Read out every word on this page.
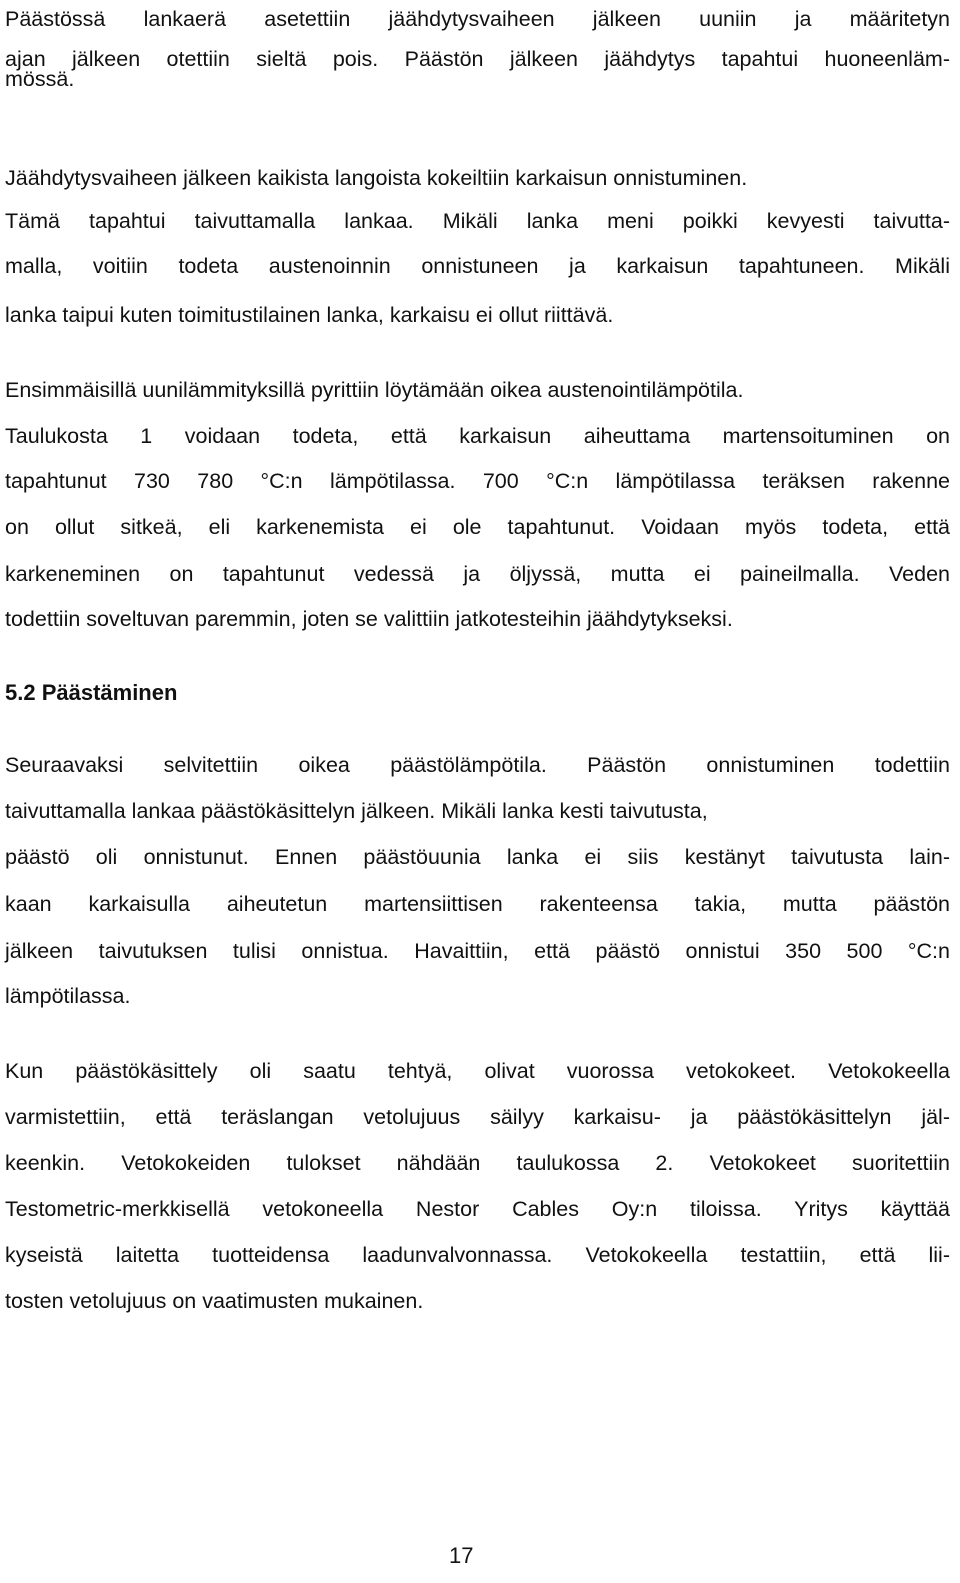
Päästössä lankaerä asetettiin jäähdytysvaiheen jälkeen uuniin ja määritetyn
ajan jälkeen otettiin sieltä pois. Päästön jälkeen jäähdytys tapahtui huoneenläm-
mössä.
Jäähdytysvaiheen jälkeen kaikista langoista kokeiltiin karkaisun onnistuminen.
Tämä tapahtui taivuttamalla lankaa. Mikäli lanka meni poikki kevyesti taivutta-
malla, voitiin todeta austenoinnin onnistuneen ja karkaisun tapahtuneen. Mikäli
lanka taipui kuten toimitustilainen lanka, karkaisu ei ollut riittävä.
Ensimmäisillä uunilämmityksillä pyrittiin löytämään oikea austenointilämpötila.
Taulukosta 1 voidaan todeta, että karkaisun aiheuttama martensoituminen on
tapahtunut 730 780 °C:n lämpötilassa. 700 °C:n lämpötilassa teräksen rakenne
on ollut sitkeä, eli karkenemista ei ole tapahtunut. Voidaan myös todeta, että
karkeneminen on tapahtunut vedessä ja öljyssä, mutta ei paineilmalla. Veden
todettiin soveltuvan paremmin, joten se valittiin jatkotesteihin jäähdytykseksi.
5.2 Päästäminen
Seuraavaksi selvitettiin oikea päästölämpötila. Päästön onnistuminen todettiin
taivuttamalla lankaa päästökäsittelyn jälkeen. Mikäli lanka kesti taivutusta,
päästö oli onnistunut. Ennen päästöuunia lanka ei siis kestänyt taivutusta lain-
kaan karkaisulla aiheutetun martensiittisen rakenteensa takia, mutta päästön
jälkeen taivutuksen tulisi onnistua. Havaittiin, että päästö onnistui 350 500 °C:n
lämpötilassa.
Kun päästökäsittely oli saatu tehtyä, olivat vuorossa vetokokeet. Vetokokeella
varmistettiin, että teräslangan vetolujuus säilyy karkaisu- ja päästökäsittelyn jäl-
keenkin. Vetokokeiden tulokset nähdään taulukossa 2. Vetokokeet suoritettiin
Testometric-merkkisellä vetokoneella Nestor Cables Oy:n tiloissa. Yritys käyttää
kyseistä laitetta tuotteidensa laadunvalvonnassa. Vetokokeella testattiin, että lii-
tosten vetolujuus on vaatimusten mukainen.
17
